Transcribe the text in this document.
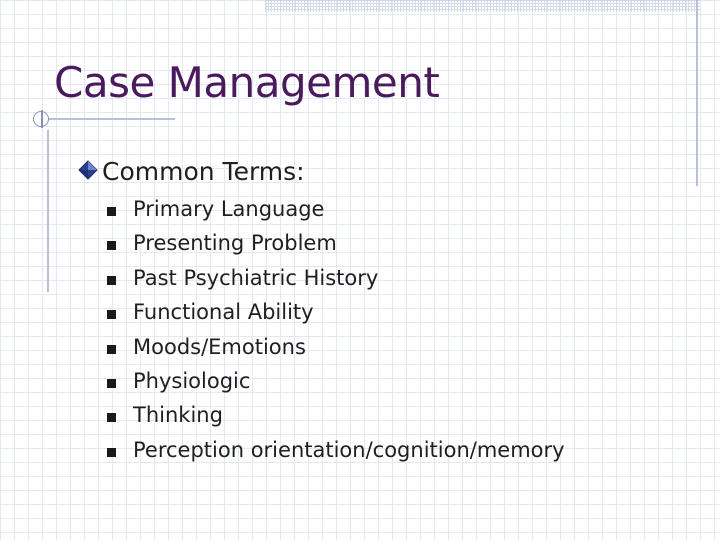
Case Management
Common Terms:
Primary Language
Presenting Problem
Past Psychiatric History
Functional Ability
Moods/Emotions
Physiologic
Thinking
Perception orientation/cognition/memory
